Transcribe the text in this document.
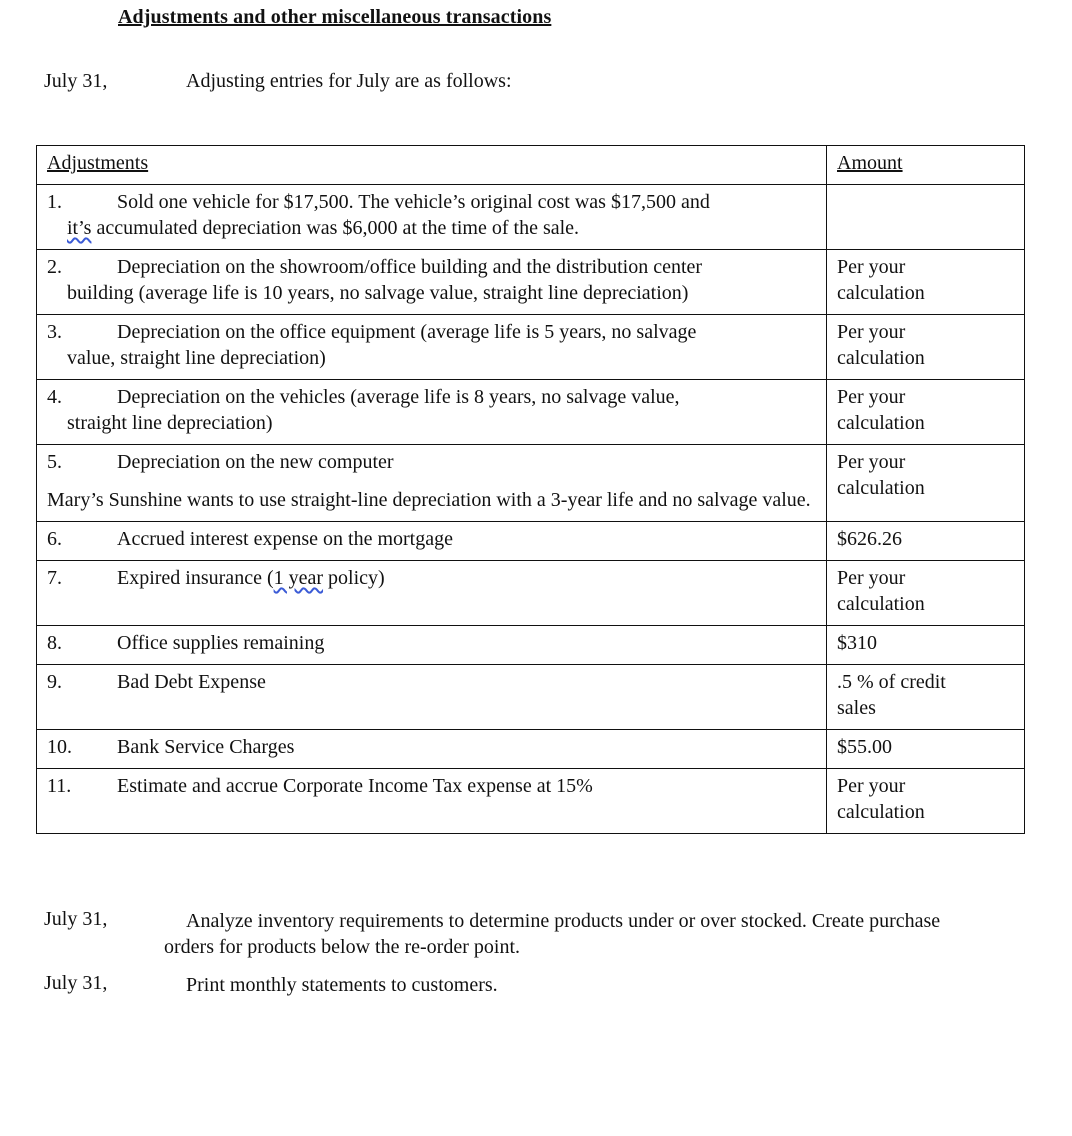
Adjustments and other miscellaneous transactions
July 31,	Adjusting entries for July are as follows:
Adjustments	Amount
1. Sold one vehicle for $17,500. The vehicle’s original cost was $17,500 and
it’s accumulated depreciation was $6,000 at the time of the sale.	

2. Depreciation on the showroom/office building and the distribution center
building (average life is 10 years, no salvage value, straight line depreciation)	Per your
calculation
3. Depreciation on the office equipment (average life is 5 years, no salvage
value, straight line depreciation)	Per your
calculation
4. Depreciation on the vehicles (average life is 8 years, no salvage value,
straight line depreciation)	Per your
calculation
5. Depreciation on the new computer
Mary’s Sunshine wants to use straight-line depreciation with a 3-year life and no salvage value.	Per your
calculation
6. Accrued interest expense on the mortgage	$626.26
7. Expired insurance (1 year policy)	Per your
calculation
8. Office supplies remaining	$310
9. Bad Debt Expense	.5 % of credit
sales
10. Bank Service Charges	$55.00
11. Estimate and accrue Corporate Income Tax expense at 15%	Per your
calculation
July 31,	Analyze inventory requirements to determine products under or over stocked. Create purchase orders for products below the re-order point.
July 31,	Print monthly statements to customers.
